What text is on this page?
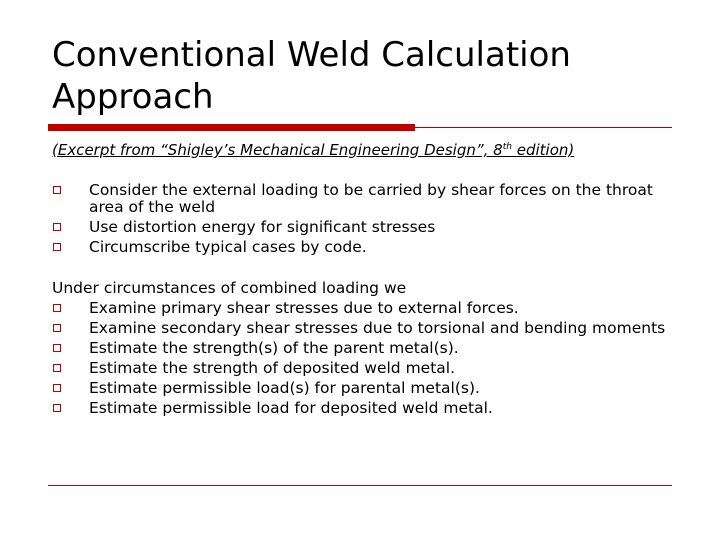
Conventional Weld Calculation Approach
(Excerpt from “Shigley’s Mechanical Engineering Design”, 8th edition)
Consider the external loading to be carried by shear forces on the throat area of the weld
Use distortion energy for significant stresses
Circumscribe typical cases by code.

Under circumstances of combined loading we

Examine primary shear stresses due to external forces.
Examine secondary shear stresses due to torsional and bending moments
Estimate the strength(s) of the parent metal(s).
Estimate the strength of deposited weld metal.
Estimate permissible load(s) for parental metal(s).
Estimate permissible load for deposited weld metal.
